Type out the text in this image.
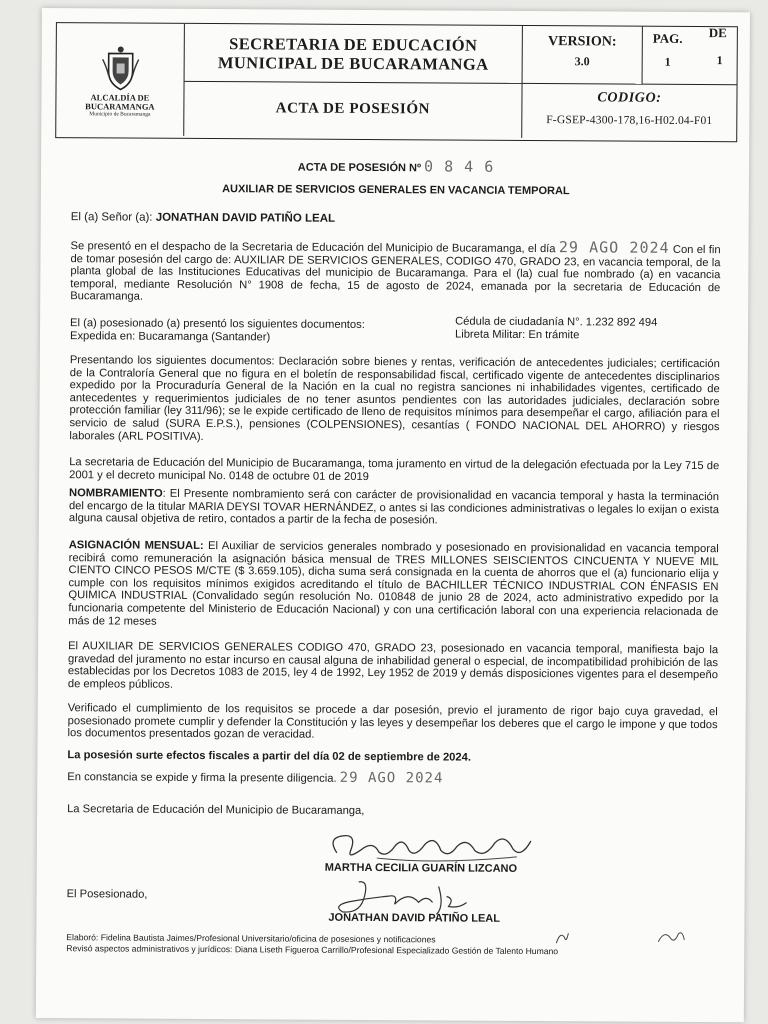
ALCALDÍA DE
BUCARAMANGA
Municipio de Bucaramanga
SECRETARIA DE EDUCACIÓN
MUNICIPAL DE BUCARAMANGA
ACTA DE POSESIÓN
VERSION:
3.0
PAG. DE
1	1
CODIGO:
F-GSEP-4300-178,16-H02.04-F01
ACTA DE POSESIÓN Nº 0 8 4 6
AUXILIAR DE SERVICIOS GENERALES EN VACANCIA TEMPORAL
El (a) Señor (a): JONATHAN DAVID PATIÑO LEAL
Se presentó en el despacho de la Secretaria de Educación del Municipio de Bucaramanga, el día 29 AGO 2024 Con el fin de tomar posesión del cargo de: AUXILIAR DE SERVICIOS GENERALES, CODIGO 470, GRADO 23, en vacancia temporal, de la planta global de las Instituciones Educativas del municipio de Bucaramanga. Para el (la) cual fue nombrado (a) en vacancia temporal, mediante Resolución N° 1908 de fecha, 15 de agosto de 2024, emanada por la secretaria de Educación de Bucaramanga.
El (a) posesionado (a) presentó los siguientes documentos:
Expedida en: Bucaramanga (Santander)
Cédula de ciudadanía N°. 1.232 892 494
Libreta Militar: En trámite
Presentando los siguientes documentos: Declaración sobre bienes y rentas, verificación de antecedentes judiciales; certificación de la Contraloría General que no figura en el boletín de responsabilidad fiscal, certificado vigente de antecedentes disciplinarios expedido por la Procuraduría General de la Nación en la cual no registra sanciones ni inhabilidades vigentes, certificado de antecedentes y requerimientos judiciales de no tener asuntos pendientes con las autoridades judiciales, declaración sobre protección familiar (ley 311/96); se le expide certificado de lleno de requisitos mínimos para desempeñar el cargo, afiliación para el servicio de salud (SURA E.P.S.), pensiones (COLPENSIONES), cesantías ( FONDO NACIONAL DEL AHORRO) y riesgos laborales (ARL POSITIVA).
La secretaria de Educación del Municipio de Bucaramanga, toma juramento en virtud de la delegación efectuada por la Ley 715 de 2001 y el decreto municipal No. 0148 de octubre 01 de 2019
NOMBRAMIENTO: El Presente nombramiento será con carácter de provisionalidad en vacancia temporal y hasta la terminación del encargo de la titular MARIA DEYSI TOVAR HERNÁNDEZ, o antes si las condiciones administrativas o legales lo exijan o exista alguna causal objetiva de retiro, contados a partir de la fecha de posesión.
ASIGNACIÓN MENSUAL: El Auxiliar de servicios generales nombrado y posesionado en provisionalidad en vacancia temporal recibirá como remuneración la asignación básica mensual de TRES MILLONES SEISCIENTOS CINCUENTA Y NUEVE MIL CIENTO CINCO PESOS M/CTE ($ 3.659.105), dicha suma será consignada en la cuenta de ahorros que el (a) funcionario elija y cumple con los requisitos mínimos exigidos acreditando el título de BACHILLER TÉCNICO INDUSTRIAL CON ÉNFASIS EN QUIMICA INDUSTRIAL (Convalidado según resolución No. 010848 de junio 28 de 2024, acto administrativo expedido por la funcionaria competente del Ministerio de Educación Nacional) y con una certificación laboral con una experiencia relacionada de más de 12 meses
El AUXILIAR DE SERVICIOS GENERALES CODIGO 470, GRADO 23, posesionado en vacancia temporal, manifiesta bajo la gravedad del juramento no estar incurso en causal alguna de inhabilidad general o especial, de incompatibilidad prohibición de las establecidas por los Decretos 1083 de 2015, ley 4 de 1992, Ley 1952 de 2019 y demás disposiciones vigentes para el desempeño de empleos públicos.
Verificado el cumplimiento de los requisitos se procede a dar posesión, previo el juramento de rigor bajo cuya gravedad, el posesionado promete cumplir y defender la Constitución y las leyes y desempeñar los deberes que el cargo le impone y que todos los documentos presentados gozan de veracidad.
La posesión surte efectos fiscales a partir del día 02 de septiembre de 2024.
En constancia se expide y firma la presente diligencia. 29 AGO 2024
La Secretaria de Educación del Municipio de Bucaramanga,
MARTHA CECILIA GUARÍN LIZCANO
El Posesionado,
JONATHAN DAVID PATIÑO LEAL
Elaboró: Fidelina Bautista Jaimes/Profesional Universitario/oficina de posesiones y notificaciones
Revisó aspectos administrativos y jurídicos: Diana Liseth Figueroa Carrillo/Profesional Especializado Gestión de Talento Humano
